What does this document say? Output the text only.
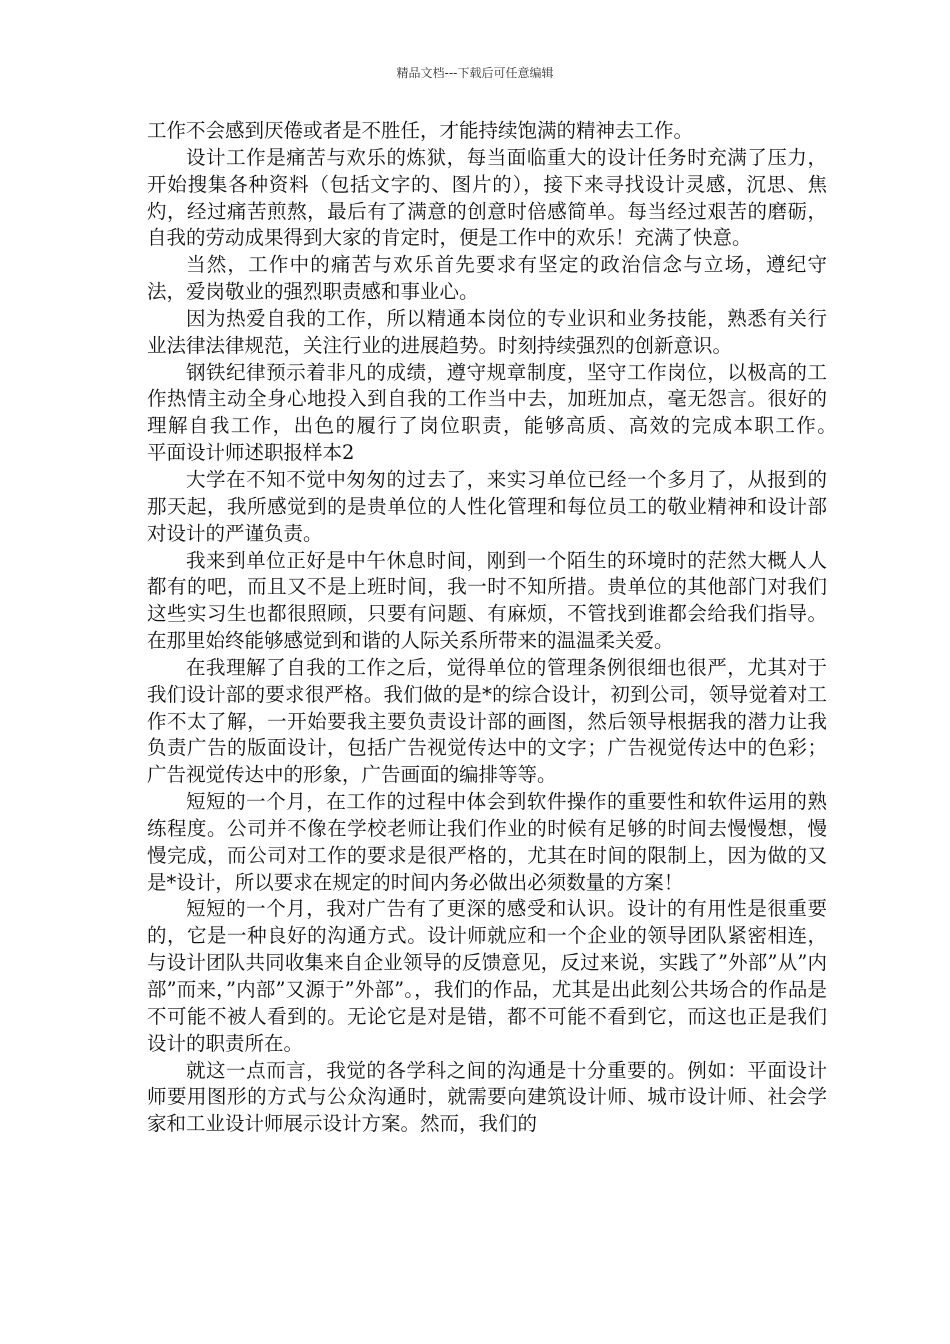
精品文档---下载后可任意编辑

工作不会感到厌倦或者是不胜任，才能持续饱满的精神去工作。

设计工作是痛苦与欢乐的炼狱，每当面临重大的设计任务时充满了压力，开始搜集各种资料（包括文字的、图片的），接下来寻找设计灵感，沉思、焦灼，经过痛苦煎熬，最后有了满意的创意时倍感简单。每当经过艰苦的磨砺，自我的劳动成果得到大家的肯定时，便是工作中的欢乐！充满了快意。

当然，工作中的痛苦与欢乐首先要求有坚定的政治信念与立场，遵纪守法，爱岗敬业的强烈职责感和事业心。

因为热爱自我的工作，所以精通本岗位的专业识和业务技能，熟悉有关行业法律法律规范，关注行业的进展趋势。时刻持续强烈的创新意识。

钢铁纪律预示着非凡的成绩，遵守规章制度，坚守工作岗位，以极高的工作热情主动全身心地投入到自我的工作当中去，加班加点，毫无怨言。很好的理解自我工作，出色的履行了岗位职责，能够高质、高效的完成本职工作。　　平面设计师述职报样本2

大学在不知不觉中匆匆的过去了，来实习单位已经一个多月了，从报到的那天起，我所感觉到的是贵单位的人性化管理和每位员工的敬业精神和设计部对设计的严谨负责。

我来到单位正好是中午休息时间，刚到一个陌生的环境时的茫然大概人人都有的吧，而且又不是上班时间，我一时不知所措。贵单位的其他部门对我们这些实习生也都很照顾，只要有问题、有麻烦，不管找到谁都会给我们指导。在那里始终能够感觉到和谐的人际关系所带来的温温柔关爱。

在我理解了自我的工作之后，觉得单位的管理条例很细也很严，尤其对于我们设计部的要求很严格。我们做的是*的综合设计，初到公司，领导觉着对工作不太了解，一开始要我主要负责设计部的画图，然后领导根据我的潜力让我负责广告的版面设计，包括广告视觉传达中的文字；广告视觉传达中的色彩；广告视觉传达中的形象，广告画面的编排等等。

短短的一个月，在工作的过程中体会到软件操作的重要性和软件运用的熟练程度。公司并不像在学校老师让我们作业的时候有足够的时间去慢慢想，慢慢完成，而公司对工作的要求是很严格的，尤其在时间的限制上，因为做的又是*设计，所以要求在规定的时间内务必做出必须数量的方案！

短短的一个月，我对广告有了更深的感受和认识。设计的有用性是很重要的，它是一种良好的沟通方式。设计师就应和一个企业的领导团队紧密相连，与设计团队共同收集来自企业领导的反馈意见，反过来说，实践了”外部”从”内部”而来，”内部”又源于”外部”。，我们的作品，尤其是出此刻公共场合的作品是不可能不被人看到的。无论它是对是错，都不可能不看到它，而这也正是我们设计的职责所在。

就这一点而言，我觉的各学科之间的沟通是十分重要的。例如：平面设计师要用图形的方式与公众沟通时，就需要向建筑设计师、城市设计师、社会学家和工业设计师展示设计方案。然而，我们的
